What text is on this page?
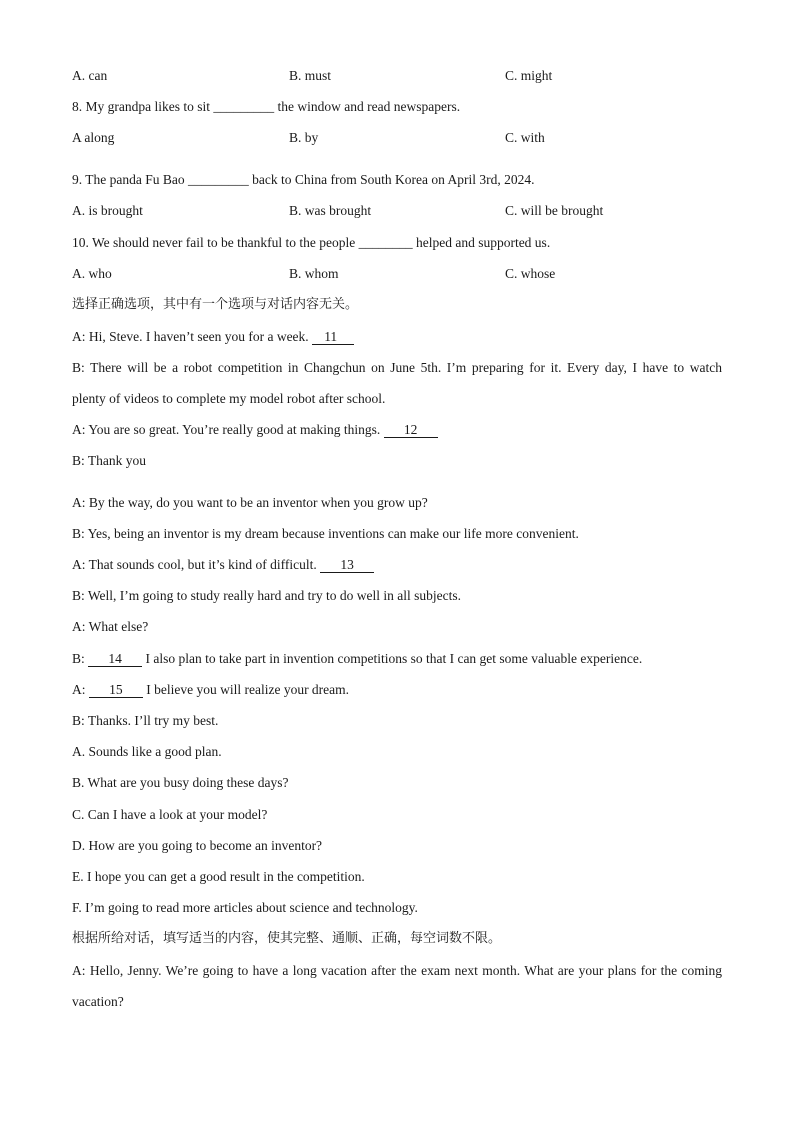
A. can	B. must	C. might
8. My grandpa likes to sit _________ the window and read newspapers.
A along	B. by	C. with
9. The panda Fu Bao _________ back to China from South Korea on April 3rd, 2024.
A. is brought	B. was brought	C. will be brought
10. We should never fail to be thankful to the people ________ helped and supported us.
A. who	B. whom	C. whose
选择正确选项，其中有一个选项与对话内容无关。
A: Hi, Steve. I haven’t seen you for a week. 11
B: There will be a robot competition in Changchun on June 5th. I’m preparing for it. Every day, I have to watch
plenty of videos to complete my model robot after school.
A: You are so great. You’re really good at making things. 12
B: Thank you
A: By the way, do you want to be an inventor when you grow up?
B: Yes, being an inventor is my dream because inventions can make our life more convenient.
A: That sounds cool, but it’s kind of difficult. 13
B: Well, I’m going to study really hard and try to do well in all subjects.
A: What else?
B: 14 I also plan to take part in invention competitions so that I can get some valuable experience.
A: 15 I believe you will realize your dream.
B: Thanks. I’ll try my best.
A. Sounds like a good plan.
B. What are you busy doing these days?
C. Can I have a look at your model?
D. How are you going to become an inventor?
E. I hope you can get a good result in the competition.
F. I’m going to read more articles about science and technology.
根据所给对话，填写适当的内容，使其完整、通顺、正确，每空词数不限。
A: Hello, Jenny. We’re going to have a long vacation after the exam next month. What are your plans for the coming
vacation?
